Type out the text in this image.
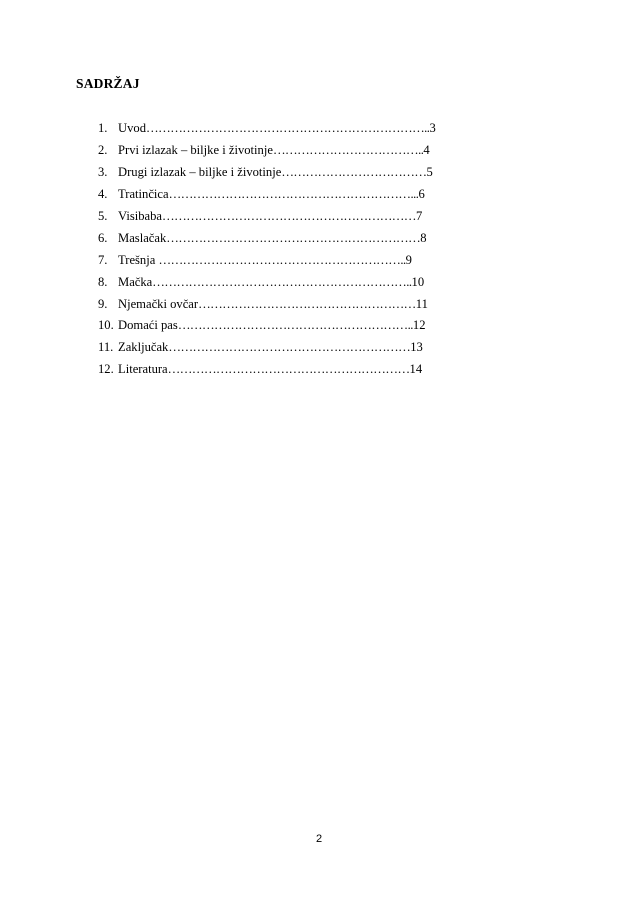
SADRŽAJ
1. Uvod …………………………………………………………….. 3
2. Prvi izlazak – biljke i životinje ……………………………….. 4
3. Drugi izlazak – biljke i životinje ……………………………… 5
4. Tratinčica ……………………………………………………... 6
5. Visibaba ……………………………………………………… 7
6. Maslačak ……………………………………………………… 8
7. Trešnja …………………………………………………….. 9
8. Mačka ……………………………………………………….. 10
9. Njemački ovčar ……………………………………………… 11
10. Domaći pas ………………………………………………….. 12
11. Zaključak …………………………………………………… 13
12. Literatura …………………………………………………… 14
2
